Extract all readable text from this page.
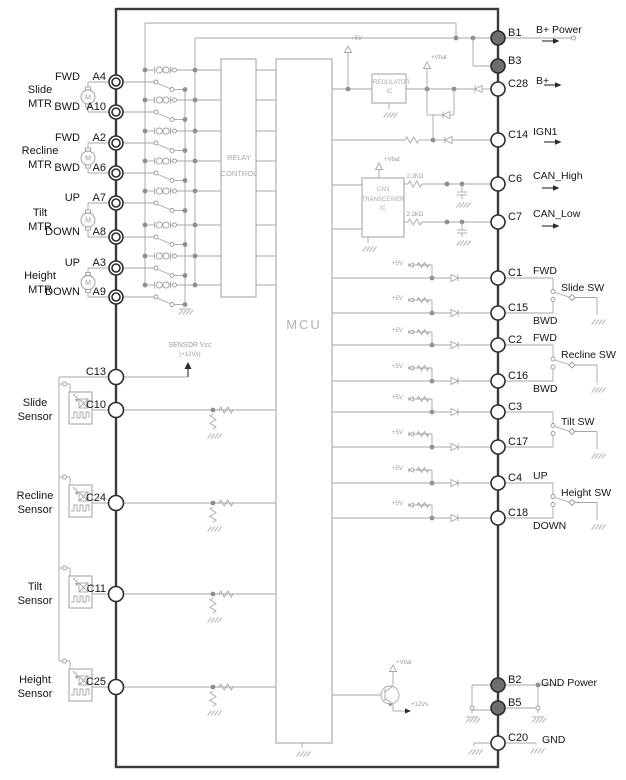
M
M
M
M
A4
A10
A2
A6
A7
A8
A3
A9
C13
C10
C24
C11
C25
B1
B3
C28
C14
C6
C7
C1
C15
C2
C16
C3
C17
C4
C18
B2
B5
C20
Slide
MTR
FWD
BWD
Recline
MTR
FWD
BWD
Tilt
MTR
UP
DOWN
Height
MTR
UP
DOWN
Slide
Sensor
Recline
Sensor
Tilt
Sensor
Height
Sensor
SENSOR Vcc
(+12Vs)
RELAY CONTROL
MCU
REGULATOR IC
CAN TRANSCEIVER IC
B+ Power
B+
IGN1
CAN_High
CAN_Low
GND Power
GND
Slide SW
FWD
BWD
Recline SW
FWD
BWD
Tilt SW
Height SW
UP
DOWN
+5V
+Vbat
+Vbat
+Vbat
+12Vs
+5V
+5V
+5V
+5V
+5V
+5V
+5V
+5V
2.2KΩ
2.2KΩ
